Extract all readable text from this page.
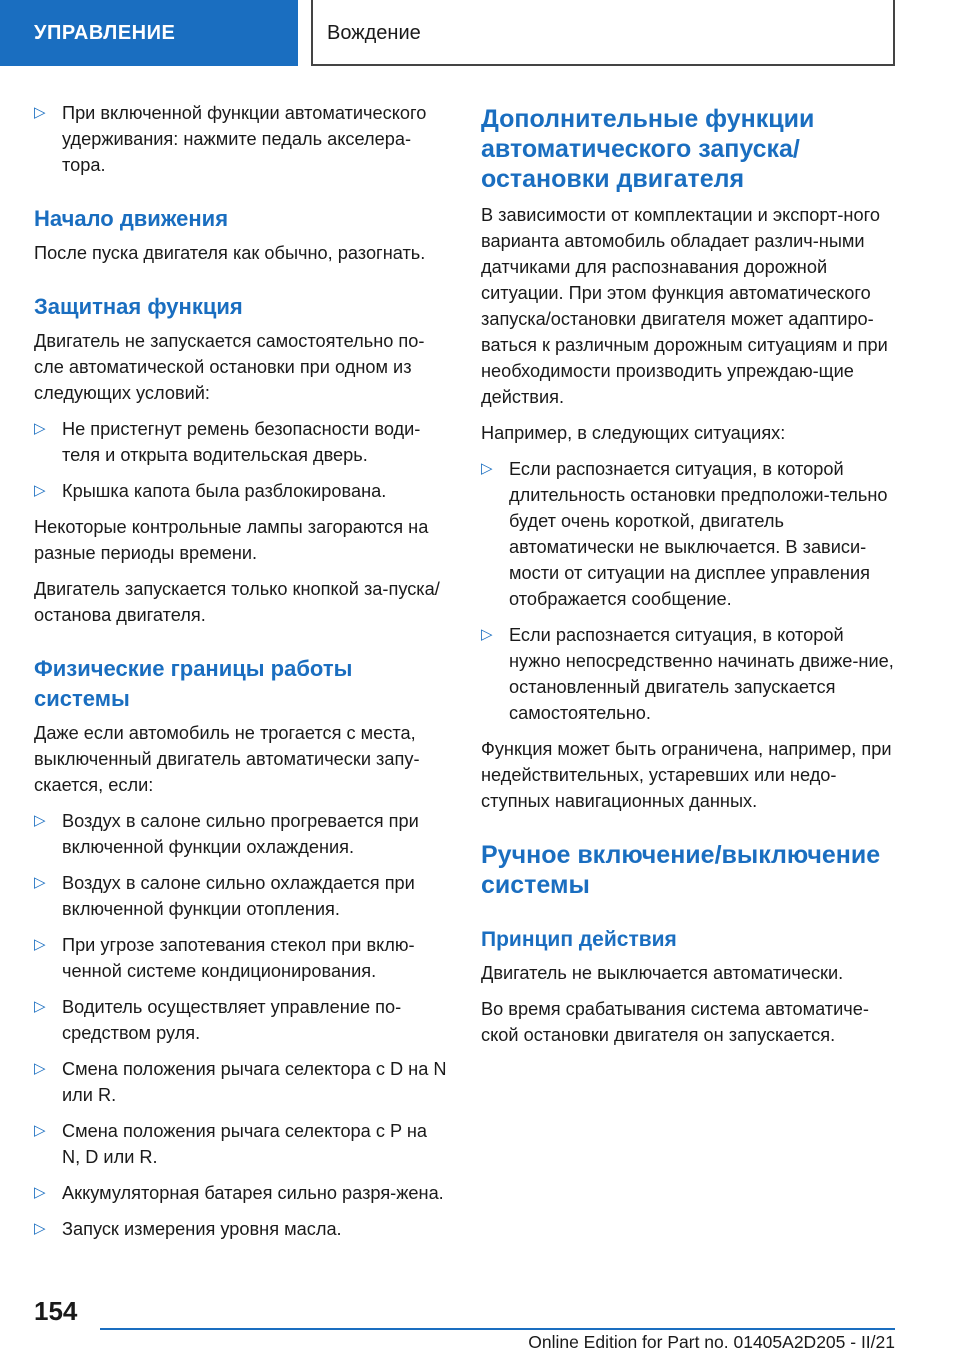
УПРАВЛЕНИЕ	Вождение
▷ При включенной функции автоматического удерживания: нажмите педаль акселера-тора.
Начало движения
После пуска двигателя как обычно, разогнать.
Защитная функция
Двигатель не запускается самостоятельно по-сле автоматической остановки при одном из следующих условий:
▷ Не пристегнут ремень безопасности води-теля и открыта водительская дверь.
▷ Крышка капота была разблокирована.
Некоторые контрольные лампы загораются на разные периоды времени.
Двигатель запускается только кнопкой за-пуска/останова двигателя.
Физические границы работы системы
Даже если автомобиль не трогается с места, выключенный двигатель автоматически запу-скается, если:
▷ Воздух в салоне сильно прогревается при включенной функции охлаждения.
▷ Воздух в салоне сильно охлаждается при включенной функции отопления.
▷ При угрозе запотевания стекол при вклю-ченной системе кондиционирования.
▷ Водитель осуществляет управление по-средством руля.
▷ Смена положения рычага селектора с D на N или R.
▷ Смена положения рычага селектора с P на N, D или R.
▷ Аккумуляторная батарея сильно разря-жена.
▷ Запуск измерения уровня масла.
Дополнительные функции автоматического запуска/ остановки двигателя
В зависимости от комплектации и экспорт-ного варианта автомобиль обладает различ-ными датчиками для распознавания дорожной ситуации. При этом функция автоматического запуска/остановки двигателя может адаптиро-ваться к различным дорожным ситуациям и при необходимости производить упреждаю-щие действия.
Например, в следующих ситуациях:
▷ Если распознается ситуация, в которой длительность остановки предположи-тельно будет очень короткой, двигатель автоматически не выключается. В зависи-мости от ситуации на дисплее управления отображается сообщение.
▷ Если распознается ситуация, в которой нужно непосредственно начинать движе-ние, остановленный двигатель запускается самостоятельно.
Функция может быть ограничена, например, при недействительных, устаревших или недо-ступных навигационных данных.
Ручное включение/выключение системы
Принцип действия
Двигатель не выключается автоматически.
Во время срабатывания система автоматиче-ской остановки двигателя он запускается.
154
Online Edition for Part no. 01405A2D205 - II/21
